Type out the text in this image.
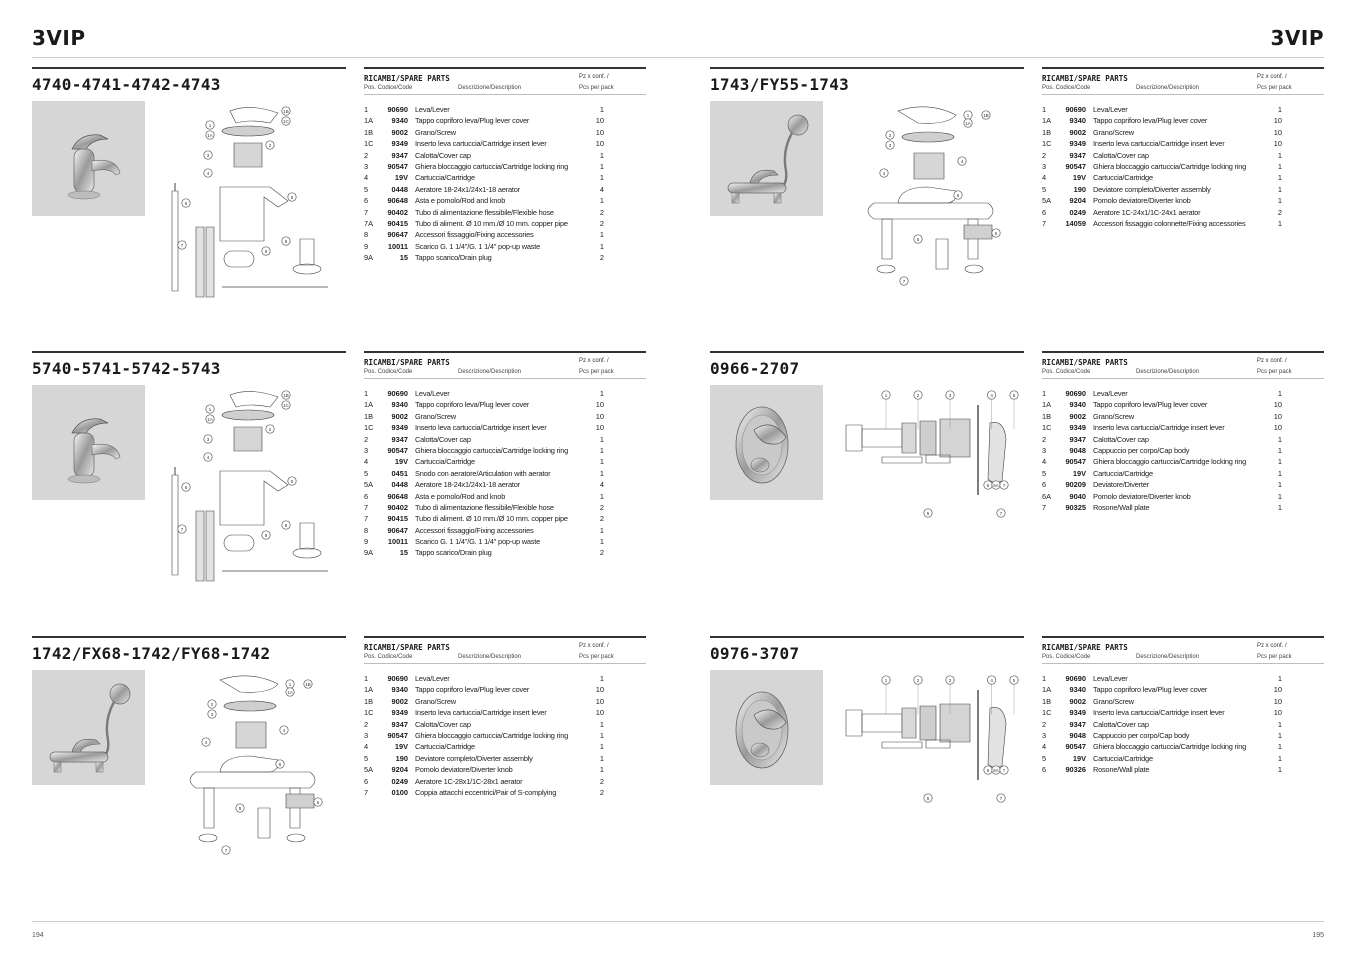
3VIP	3VIP
4740-4741-4742-4743
1
1A
1B
1C
2
3
4
5
6
7
8
9
RICAMBI/SPARE PARTS	Pz x conf. /
Pos. Codice/Code	Descrizione/Description	Pcs per pack
1	90690 Leva/Lever	1
1A	9340 Tappo copriforo leva/Plug lever cover	10
1B	9002 Grano/Screw	10
1C	9349 Inserto leva cartuccia/Cartridge insert lever	10
2	9347 Calotta/Cover cap	1
3	90547 Ghiera bloccaggio cartuccia/Cartridge locking ring	1
4	19V Cartuccia/Cartridge	1
5	0448 Aeratore 18-24x1/24x1-18 aerator	4
6	90648 Asta e pomolo/Rod and knob	1
7	90402 Tubo di alimentazione flessibile/Flexible hose	2
7A	90415 Tubo di aliment. Ø 10 mm./Ø 10 mm. copper pipe	2
8	90647 Accessori fissaggio/Fixing accessories	1
9	10011 Scarico G. 1 1/4"/G. 1 1/4" pop-up waste	1
9A	15 Tappo scarico/Drain plug	2
1743/FY55-1743
2
3
1
1A
1B
4
4
6
5
6
7
RICAMBI/SPARE PARTS	Pz x conf. /
Pos. Codice/Code	Descrizione/Description	Pcs per pack
1	90690 Leva/Lever	1
1A	9340 Tappo copriforo leva/Plug lever cover	10
1B	9002 Grano/Screw	10
1C	9349 Inserto leva cartuccia/Cartridge insert lever	10
2	9347 Calotta/Cover cap	1
3	90547 Ghiera bloccaggio cartuccia/Cartridge locking ring	1
4	19V Cartuccia/Cartridge	1
5	190 Deviatore completo/Diverter assembly	1
5A	9204 Pomolo deviatore/Diverter knob	1
6	0249 Aeratore 1C-24x1/1C-24x1 aerator	2
7	14059 Accessori fissaggio colonnette/Fixing accessories	1
5740-5741-5742-5743
1
1A
1B
1C
2
3
4
5
6
7
8
9
RICAMBI/SPARE PARTS	Pz x conf. /
Pos. Codice/Code	Descrizione/Description	Pcs per pack
1	90690 Leva/Lever	1
1A	9340 Tappo copriforo leva/Plug lever cover	10
1B	9002 Grano/Screw	10
1C	9349 Inserto leva cartuccia/Cartridge insert lever	10
2	9347 Calotta/Cover cap	1
3	90547 Ghiera bloccaggio cartuccia/Cartridge locking ring	1
4	19V Cartuccia/Cartridge	1
5	0451 Snodo con aeratore/Articulation with aerator	1
5A	0448 Aeratore 18-24x1/24x1-18 aerator	4
6	90648 Asta e pomolo/Rod and knob	1
7	90402 Tubo di alimentazione flessibile/Flexible hose	2
7	90415 Tubo di aliment. Ø 10 mm./Ø 10 mm. copper pipe	2
8	90647 Accessori fissaggio/Fixing accessories	1
9	10011 Scarico G. 1 1/4"/G. 1 1/4" pop-up waste	1
9A	15 Tappo scarico/Drain plug	2
0966-2707
1	2	3	4	5
6 6A 7
7
5
RICAMBI/SPARE PARTS	Pz x conf. /
Pos. Codice/Code	Descrizione/Description	Pcs per pack
1	90690 Leva/Lever	1
1A	9340 Tappo copriforo leva/Plug lever cover	10
1B	9002 Grano/Screw	10
1C	9349 Inserto leva cartuccia/Cartridge insert lever	10
2	9347 Calotta/Cover cap	1
3	9048 Cappuccio per corpo/Cap body	1
4	90547 Ghiera bloccaggio cartuccia/Cartridge locking ring	1
5	19V Cartuccia/Cartridge	1
6	90209 Deviatore/Diverter	1
6A	9040 Pomolo deviatore/Diverter knob	1
7	90325 Rosone/Wall plate	1
1742/FX68-1742/FY68-1742
2
3
1
1A
1B
4
4
6
5
6
7
RICAMBI/SPARE PARTS	Pz x conf. /
Pos. Codice/Code	Descrizione/Description	Pcs per pack
1	90690 Leva/Lever	1
1A	9340 Tappo copriforo leva/Plug lever cover	10
1B	9002 Grano/Screw	10
1C	9349 Inserto leva cartuccia/Cartridge insert lever	10
2	9347 Calotta/Cover cap	1
3	90547 Ghiera bloccaggio cartuccia/Cartridge locking ring	1
4	19V Cartuccia/Cartridge	1
5	190 Deviatore completo/Diverter assembly	1
5A	9204 Pomolo deviatore/Diverter knob	1
6	0249 Aeratore 1C-28x1/1C-28x1 aerator	2
7	0100 Coppia attacchi eccentrici/Pair of S-complying	2
0976-3707
1	2	3	4	5
6 6A 7
7
5
RICAMBI/SPARE PARTS	Pz x conf. /
Pos. Codice/Code	Descrizione/Description	Pcs per pack
1	90690 Leva/Lever	1
1A	9340 Tappo copriforo leva/Plug lever cover	10
1B	9002 Grano/Screw	10
1C	9349 Inserto leva cartuccia/Cartridge insert lever	10
2	9347 Calotta/Cover cap	1
3	9048 Cappuccio per corpo/Cap body	1
4	90547 Ghiera bloccaggio cartuccia/Cartridge locking ring	1
5	19V Cartuccia/Cartridge	1
6	90326 Rosone/Wall plate	1
194	195
